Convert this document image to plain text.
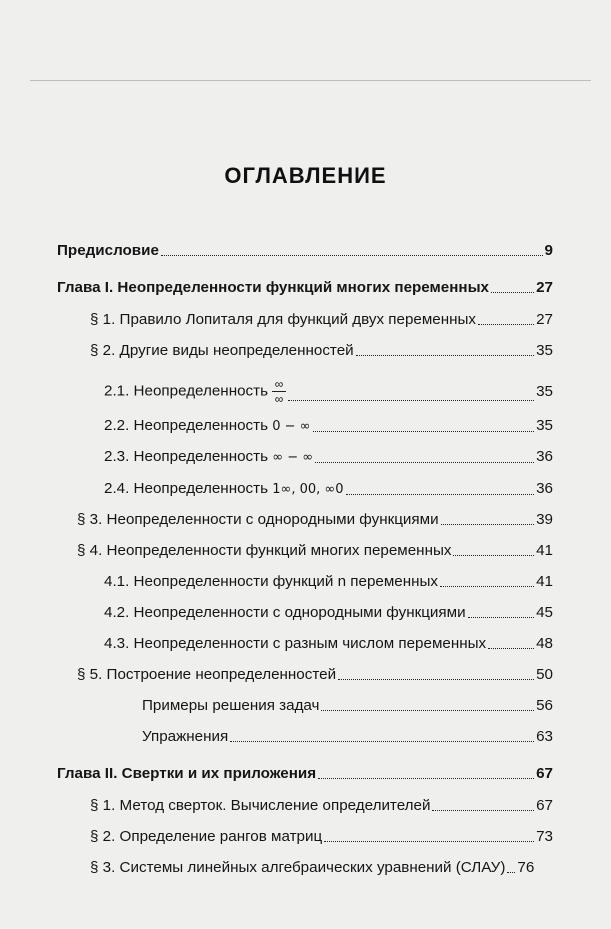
ОГЛАВЛЕНИЕ
Предисловие	9
Глава I. Неопределенности функций многих переменных	27
§ 1. Правило Лопиталя для функций двух переменных	27
§ 2. Другие виды неопределенностей	35
2.1. Неопределенность $\frac{\infty}{\infty}$	35
2.2. Неопределенность 0 − ∞	35
2.3. Неопределенность ∞ − ∞	36
2.4. Неопределенность 1∞, 00, ∞0	36
§ 3. Неопределенности с однородными функциями	39
§ 4. Неопределенности функций многих переменных	41
4.1. Неопределенности функций n переменных	41
4.2. Неопределенности с однородными функциями	45
4.3. Неопределенности с разным числом переменных	48
§ 5. Построение неопределенностей	50
Примеры решения задач	56
Упражнения	63
Глава II. Свертки и их приложения	67
§ 1. Метод сверток. Вычисление определителей	67
§ 2. Определение рангов матриц	73
§ 3. Системы линейных алгебраических уравнений (СЛАУ) 76
